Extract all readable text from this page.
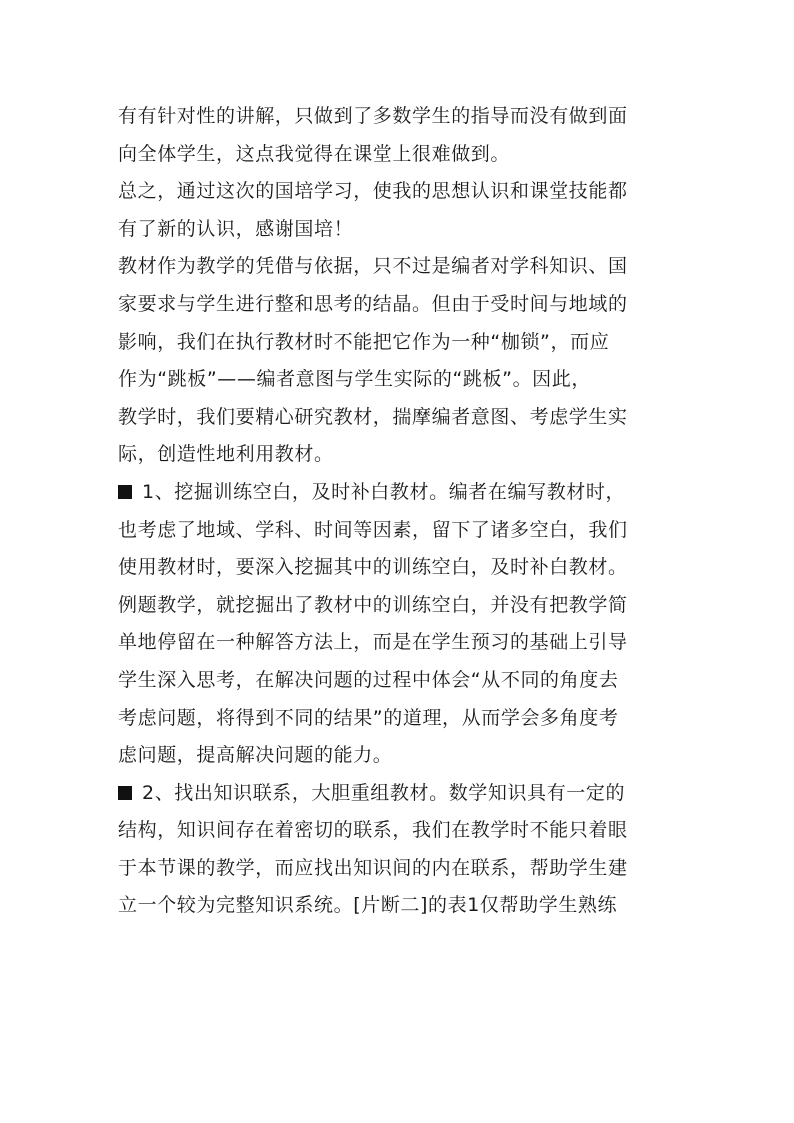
有有针对性的讲解，只做到了多数学生的指导而没有做到面
向全体学生，这点我觉得在课堂上很难做到。
总之，通过这次的国培学习，使我的思想认识和课堂技能都
有了新的认识，感谢国培！
教材作为教学的凭借与依据，只不过是编者对学科知识、国
家要求与学生进行整和思考的结晶。但由于受时间与地域的
影响，我们在执行教材时不能把它作为一种“枷锁”，而应
作为“跳板”——编者意图与学生实际的“跳板”。因此，
教学时，我们要精心研究教材，揣摩编者意图、考虑学生实
际，创造性地利用教材。
1、挖掘训练空白，及时补白教材。编者在编写教材时，
也考虑了地域、学科、时间等因素，留下了诸多空白，我们
使用教材时，要深入挖掘其中的训练空白，及时补白教材。
例题教学，就挖掘出了教材中的训练空白，并没有把教学简
单地停留在一种解答方法上，而是在学生预习的基础上引导
学生深入思考，在解决问题的过程中体会“从不同的角度去
考虑问题，将得到不同的结果”的道理，从而学会多角度考
虑问题，提高解决问题的能力。
2、找出知识联系，大胆重组教材。数学知识具有一定的
结构，知识间存在着密切的联系，我们在教学时不能只着眼
于本节课的教学，而应找出知识间的内在联系，帮助学生建
立一个较为完整知识系统。[片断二]的表1仅帮助学生熟练
